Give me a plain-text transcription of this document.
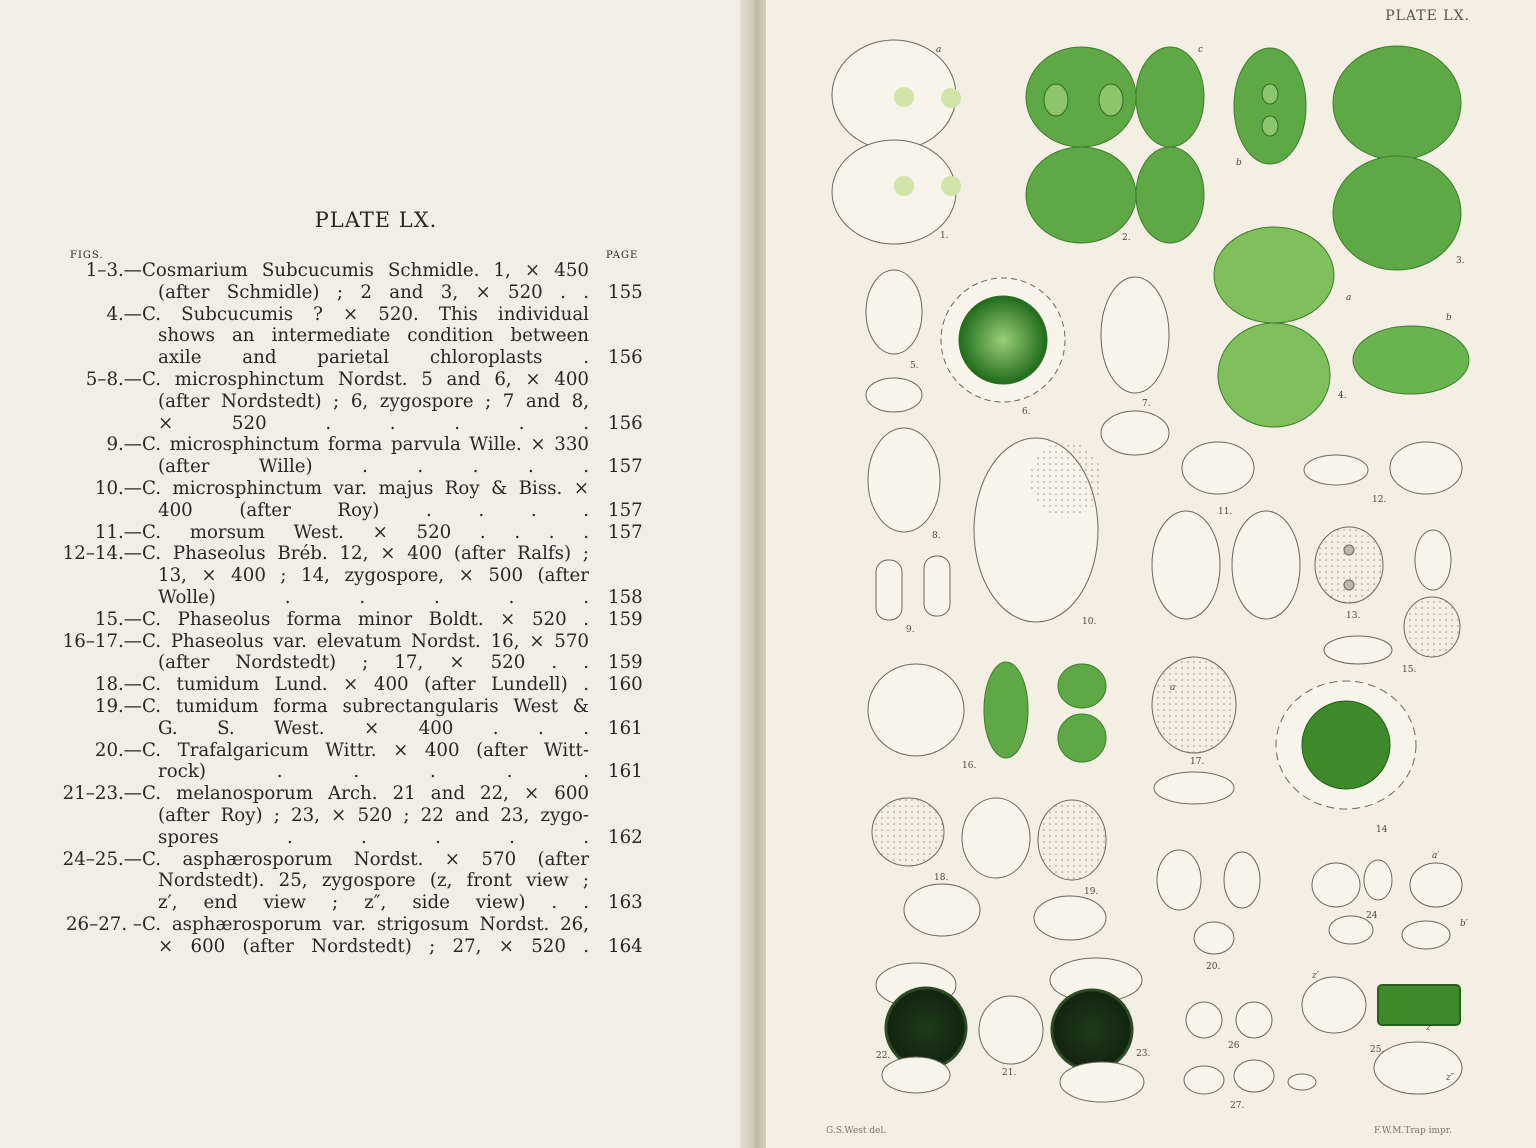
PLATE LX.
FIGS.	PAGE
1–3.— Cosmarium Subcucumis Schmidle. 1, × 450
(after Schmidle) ; 2 and 3, × 520 . . 155
4.— C. Subcucumis ? × 520. This individual
shows an intermediate condition between
axile and parietal chloroplasts . 156
5–8.— C. microsphinctum Nordst. 5 and 6, × 400
(after Nordstedt) ; 6, zygospore ; 7 and 8,
× 520 . . . . . 156
9.— C. microsphinctum forma parvula Wille. × 330
(after Wille) . . . . . 157
10.— C. microsphinctum var. majus Roy & Biss. ×
400 (after Roy) . . . . 157
11.— C. morsum West. × 520 . . . . 157
12–14.— C. Phaseolus Bréb. 12, × 400 (after Ralfs) ;
13, × 400 ; 14, zygospore, × 500 (after
Wolle) . . . . . 158
15.— C. Phaseolus forma minor Boldt. × 520 . 159
16–17.— C. Phaseolus var. elevatum Nordst. 16, × 570
(after Nordstedt) ; 17, × 520 . . 159
18.— C. tumidum Lund. × 400 (after Lundell) . 160
19.— C. tumidum forma subrectangularis West &
G. S. West. × 400 . . . 161
20.— C. Trafalgaricum Wittr. × 400 (after Witt-
rock) . . . . . 161
21–23.— C. melanosporum Arch. 21 and 22, × 600
(after Roy) ; 23, × 520 ; 22 and 23, zygo-
spores . . . . . 162
24–25.— C. asphærosporum Nordst. × 570 (after
Nordstedt). 25, zygospore (z, front view ;
z′, end view ; z″, side view) . . 163
26–27. – C. asphærosporum var. strigosum Nordst. 26,
× 600 (after Nordstedt) ; 27, × 520 . 164
PLATE LX.
1.	2.
3.
4.
5.
6.
7.
8.
9.
10.
11.
12.
13.
14
15.
16.	17.
18.
19.
20.
21.
22.	23.
24
25.
26
27.
a	c
b
a
b
a
z
z′
z″
a′
b′
G.S.West del.	F.W.M.Trap impr.
